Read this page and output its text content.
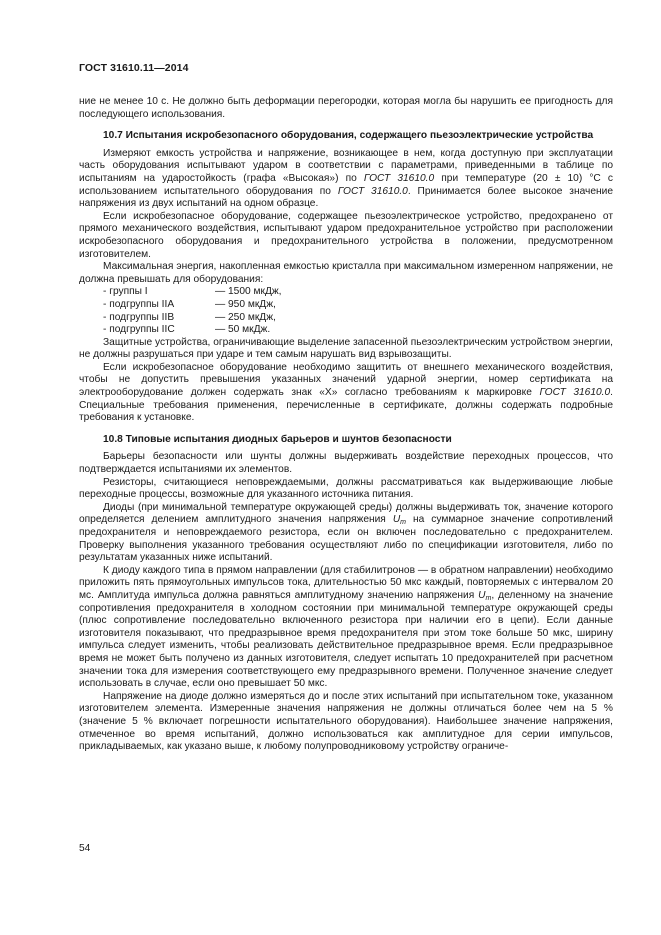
ГОСТ 31610.11—2014

ние не менее 10 с. Не должно быть деформации перегородки, которая могла бы нарушить ее пригодность для последующего использования.

10.7 Испытания искробезопасного оборудования, содержащего пьезоэлектрические устройства

Измеряют емкость устройства и напряжение, возникающее в нем, когда доступную при эксплуатации часть оборудования испытывают ударом в соответствии с параметрами, приведенными в таблице по испытаниям на ударостойкость (графа «Высокая») по ГОСТ 31610.0 при температуре (20 ± 10) °С с использованием испытательного оборудования по ГОСТ 31610.0. Принимается более высокое значение напряжения из двух испытаний на одном образце.

Если искробезопасное оборудование, содержащее пьезоэлектрическое устройство, предохранено от прямого механического воздействия, испытывают ударом предохранительное устройство при расположении искробезопасного оборудования и предохранительного устройства в положении, предусмотренном изготовителем.

Максимальная энергия, накопленная емкостью кристалла при максимальном измеренном напряжении, не должна превышать для оборудования:

- группы I	— 1500 мкДж,
- подгруппы IIA	— 950 мкДж,
- подгруппы IIB	— 250 мкДж,
- подгруппы IIC	— 50 мкДж.

Защитные устройства, ограничивающие выделение запасенной пьезоэлектрическим устройством энергии, не должны разрушаться при ударе и тем самым нарушать вид взрывозащиты.

Если искробезопасное оборудование необходимо защитить от внешнего механического воздействия, чтобы не допустить превышения указанных значений ударной энергии, номер сертификата на электрооборудование должен содержать знак «X» согласно требованиям к маркировке ГОСТ 31610.0. Специальные требования применения, перечисленные в сертификате, должны содержать подробные требования к установке.

10.8 Типовые испытания диодных барьеров и шунтов безопасности

Барьеры безопасности или шунты должны выдерживать воздействие переходных процессов, что подтверждается испытаниями их элементов.

Резисторы, считающиеся неповреждаемыми, должны рассматриваться как выдерживающие любые переходные процессы, возможные для указанного источника питания.

Диоды (при минимальной температуре окружающей среды) должны выдерживать ток, значение которого определяется делением амплитудного значения напряжения $U_m$ на суммарное значение сопротивлений предохранителя и неповреждаемого резистора, если он включен последовательно с предохранителем. Проверку выполнения указанного требования осуществляют либо по спецификации изготовителя, либо по результатам указанных ниже испытаний.

К диоду каждого типа в прямом направлении (для стабилитронов — в обратном направлении) необходимо приложить пять прямоугольных импульсов тока, длительностью 50 мкс каждый, повторяемых с интервалом 20 мс. Амплитуда импульса должна равняться амплитудному значению напряжения $U_m$, деленному на значение сопротивления предохранителя в холодном состоянии при минимальной температуре окружающей среды (плюс сопротивление последовательно включенного резистора при наличии его в цепи). Если данные изготовителя показывают, что предразрывное время предохранителя при этом токе больше 50 мкс, ширину импульса следует изменить, чтобы реализовать действительное предразрывное время. Если предразрывное время не может быть получено из данных изготовителя, следует испытать 10 предохранителей при расчетном значении тока для измерения соответствующего ему предразрывного времени. Полученное значение следует использовать в случае, если оно превышает 50 мкс.

Напряжение на диоде должно измеряться до и после этих испытаний при испытательном токе, указанном изготовителем элемента. Измеренные значения напряжения не должны отличаться более чем на 5 % (значение 5 % включает погрешности испытательного оборудования). Наибольшее значение напряжения, отмеченное во время испытаний, должно использоваться как амплитудное для серии импульсов, прикладываемых, как указано выше, к любому полупроводниковому устройству ограниче-

54
